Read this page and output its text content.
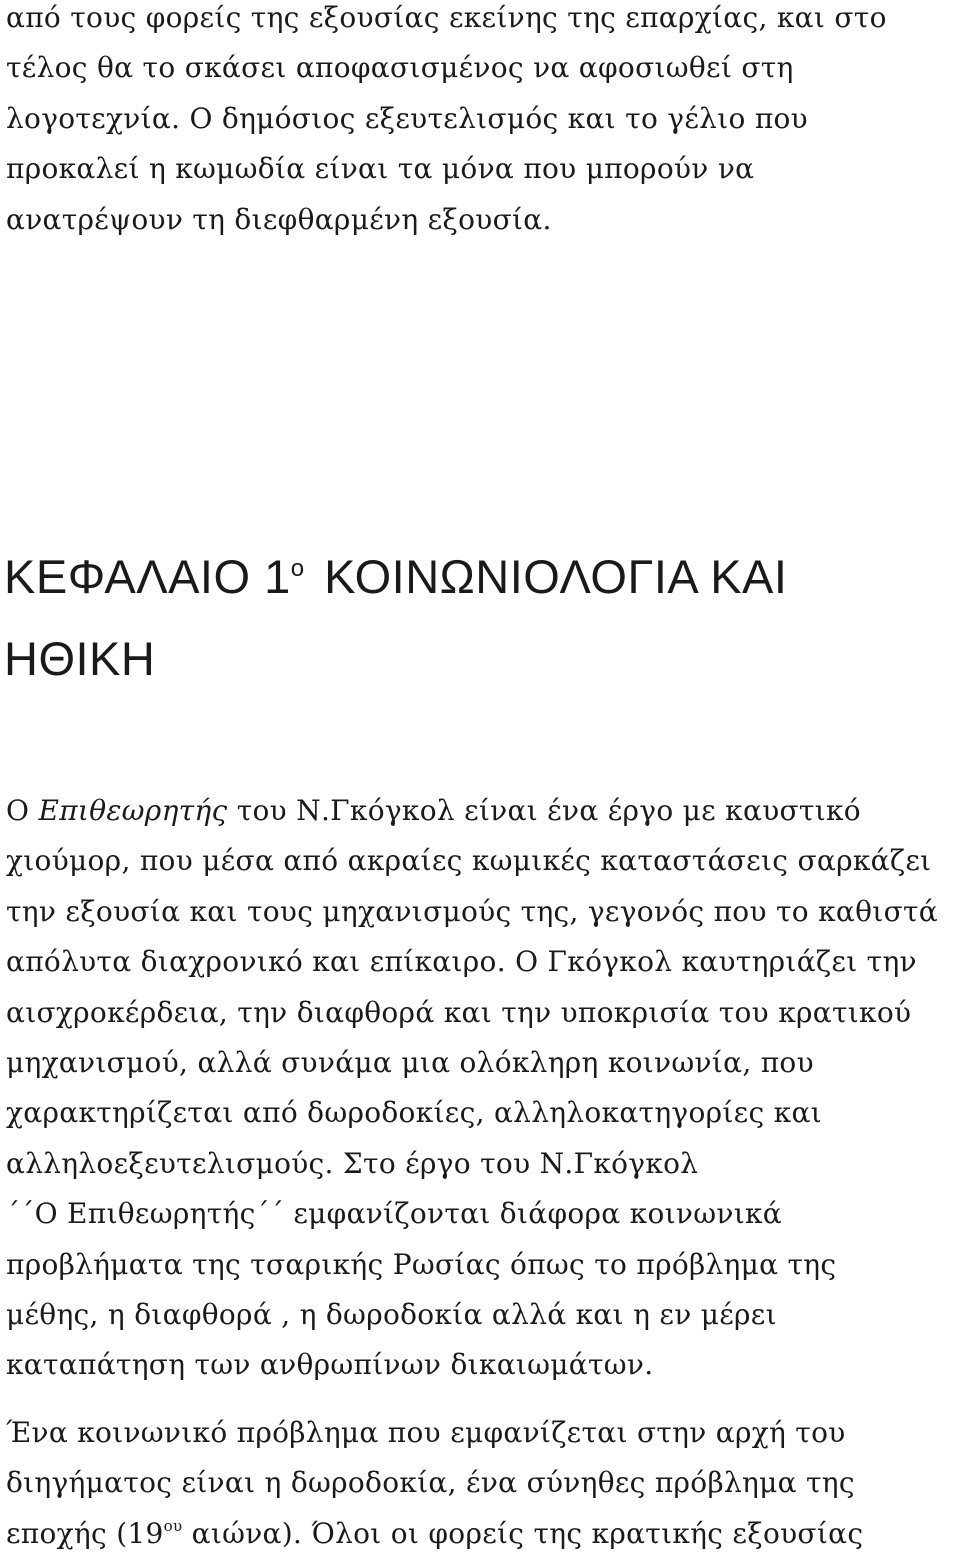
από τους φορείς της εξουσίας εκείνης της επαρχίας, και στο
τέλος θα το σκάσει αποφασισμένος να αφοσιωθεί στη
λογοτεχνία. Ο δημόσιος εξευτελισμός και το γέλιο που
προκαλεί η κωμωδία είναι τα μόνα που μπορούν να
ανατρέψουν τη διεφθαρμένη εξουσία.

ΚΕΦΑΛΑΙΟ $1^o$ ΚΟΙΝΩΝΙΟΛΟΓΙΑ ΚΑΙ
ΗΘΙΚΗ

Ο Επιθεωρητής του Ν.Γκόγκολ είναι ένα έργο με καυστικό
χιούμορ, που μέσα από ακραίες κωμικές καταστάσεις σαρκάζει
την εξουσία και τους μηχανισμούς της, γεγονός που το καθιστά
απόλυτα διαχρονικό και επίκαιρο. Ο Γκόγκολ καυτηριάζει την
αισχροκέρδεια, την διαφθορά και την υποκρισία του κρατικού
μηχανισμού, αλλά συνάμα μια ολόκληρη κοινωνία, που
χαρακτηρίζεται από δωροδοκίες, αλληλοκατηγορίες και
αλληλοεξευτελισμούς. Στο έργο του Ν.Γκόγκολ
΄΄Ο Επιθεωρητής΄΄ εμφανίζονται διάφορα κοινωνικά
προβλήματα της τσαρικής Ρωσίας όπως το πρόβλημα της
μέθης, η διαφθορά , η δωροδοκία αλλά και η εν μέρει
καταπάτηση των ανθρωπίνων δικαιωμάτων.

Ένα κοινωνικό πρόβλημα που εμφανίζεται στην αρχή του
διηγήματος είναι η δωροδοκία, ένα σύνηθες πρόβλημα της
εποχής ($19^{o\upsilon}$ αιώνα). Όλοι οι φορείς της κρατικής εξουσίας
